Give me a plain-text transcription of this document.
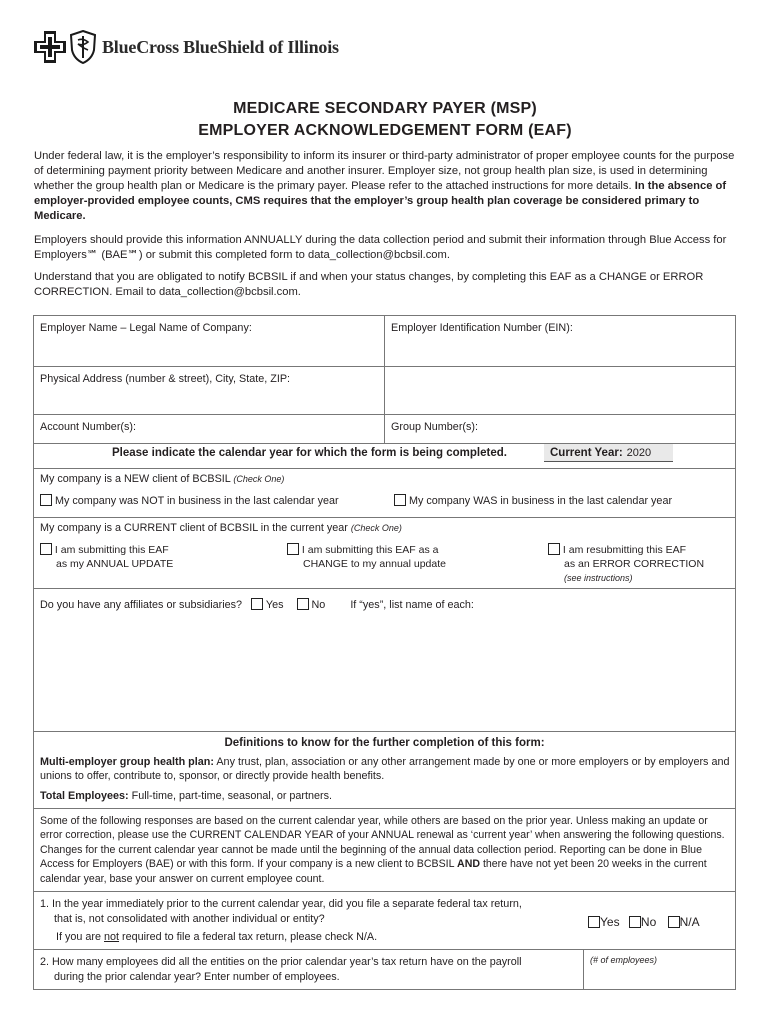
BlueCross BlueShield of Illinois
MEDICARE SECONDARY PAYER (MSP)
EMPLOYER ACKNOWLEDGEMENT FORM (EAF)
Under federal law, it is the employer’s responsibility to inform its insurer or third-party administrator of proper employee counts for the purpose of determining payment priority between Medicare and another insurer. Employer size, not group health plan size, is used in determining whether the group health plan or Medicare is the primary payer. Please refer to the attached instructions for more details. In the absence of employer-provided employee counts, CMS requires that the employer’s group health plan coverage be considered primary to Medicare.
Employers should provide this information ANNUALLY during the data collection period and submit their information through Blue Access for Employers℠ (BAE℠) or submit this completed form to data_collection@bcbsil.com.
Understand that you are obligated to notify BCBSIL if and when your status changes, by completing this EAF as a CHANGE or ERROR CORRECTION. Email to data_collection@bcbsil.com.
Employer Name – Legal Name of Company:	Employer Identification Number (EIN):
Physical Address (number & street), City, State, ZIP:
Account Number(s):	Group Number(s):
Please indicate the calendar year for which the form is being completed.	Current Year: 2020
My company is a NEW client of BCBSIL (Check One)
My company was NOT in business in the last calendar year	My company WAS in business in the last calendar year
My company is a CURRENT client of BCBSIL in the current year (Check One)
I am submitting this EAF
as my ANNUAL UPDATE
I am submitting this EAF as a
CHANGE to my annual update
I am resubmitting this EAF
as an ERROR CORRECTION
(see instructions)
Do you have any affiliates or subsidiaries? Yes	No If “yes”, list name of each:
Definitions to know for the further completion of this form:
Multi-employer group health plan: Any trust, plan, association or any other arrangement made by one or more employers or by employers and unions to offer, contribute to, sponsor, or directly provide health benefits.
Total Employees: Full-time, part-time, seasonal, or partners.
Some of the following responses are based on the current calendar year, while others are based on the prior year. Unless making an update or error correction, please use the CURRENT CALENDAR YEAR of your ANNUAL renewal as ‘current year’ when answering the following questions. Changes for the current calendar year cannot be made until the beginning of the annual data collection period. Reporting can be done in Blue Access for Employers (BAE) or with this form. If your company is a new client to BCBSIL AND there have not yet been 20 weeks in the current calendar year, base your answer on current employee count.
1. In the year immediately prior to the current calendar year, did you file a separate federal tax return,
that is, not consolidated with another individual or entity?
If you are not required to file a federal tax return, please check N/A.
Yes No N/A
2. How many employees did all the entities on the prior calendar year’s tax return have on the payroll
during the prior calendar year? Enter number of employees.
(# of employees)
